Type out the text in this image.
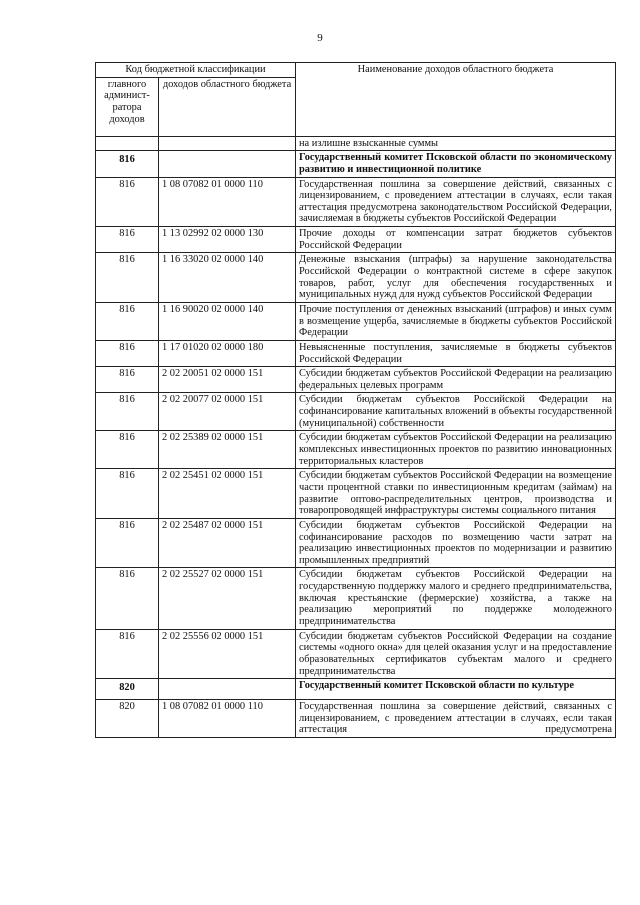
9
Код бюджетной классификации		Наименование доходов областного бюджета
главного админист-ратора доходов	доходов областного бюджета	
		на излишне взысканные суммы
816		Государственный комитет Псковской области по экономическому развитию и инвестиционной политике
816	1 08 07082 01 0000 110	Государственная пошлина за совершение действий, связанных с лицензированием, с проведением аттестации в случаях, если такая аттестация предусмотрена законодательством Российской Федерации, зачисляемая в бюджеты субъектов Российской Федерации
816	1 13 02992 02 0000 130	Прочие доходы от компенсации затрат бюджетов субъектов Российской Федерации
816	1 16 33020 02 0000 140	Денежные взыскания (штрафы) за нарушение законодательства Российской Федерации о контрактной системе в сфере закупок товаров, работ, услуг для обеспечения государственных и муниципальных нужд для нужд субъектов Российской Федерации
816	1 16 90020 02 0000 140	Прочие поступления от денежных взысканий (штрафов) и иных сумм в возмещение ущерба, зачисляемые в бюджеты субъектов Российской Федерации
816	1 17 01020 02 0000 180	Невыясненные поступления, зачисляемые в бюджеты субъектов Российской Федерации
816	2 02 20051 02 0000 151	Субсидии бюджетам субъектов Российской Федерации на реализацию федеральных целевых программ
816	2 02 20077 02 0000 151	Субсидии бюджетам субъектов Российской Федерации на софинансирование капитальных вложений в объекты государственной (муниципальной) собственности
816	2 02 25389 02 0000 151	Субсидии бюджетам субъектов Российской Федерации на реализацию комплексных инвестиционных проектов по развитию инновационных территориальных кластеров
816	2 02 25451 02 0000 151	Субсидии бюджетам субъектов Российской Федерации на возмещение части процентной ставки по инвестиционным кредитам (займам) на развитие оптово-распределительных центров, производства и товаропроводящей инфраструктуры системы социального питания
816	2 02 25487 02 0000 151	Субсидии бюджетам субъектов Российской Федерации на софинансирование расходов по возмещению части затрат на реализацию инвестиционных проектов по модернизации и развитию промышленных предприятий
816	2 02 25527 02 0000 151	Субсидии бюджетам субъектов Российской Федерации на государственную поддержку малого и среднего предпринимательства, включая крестьянские (фермерские) хозяйства, а также на реализацию мероприятий по поддержке молодежного предпринимательства
816	2 02 25556 02 0000 151	Субсидии бюджетам субъектов Российской Федерации на создание системы «одного окна» для целей оказания услуг и на предоставление образовательных сертификатов субъектам малого и среднего предпринимательства
820		Государственный комитет Псковской области по культуре
820	1 08 07082 01 0000 110	Государственная пошлина за совершение действий, связанных с лицензированием, с проведением аттестации в случаях, если такая аттестация предусмотрена
